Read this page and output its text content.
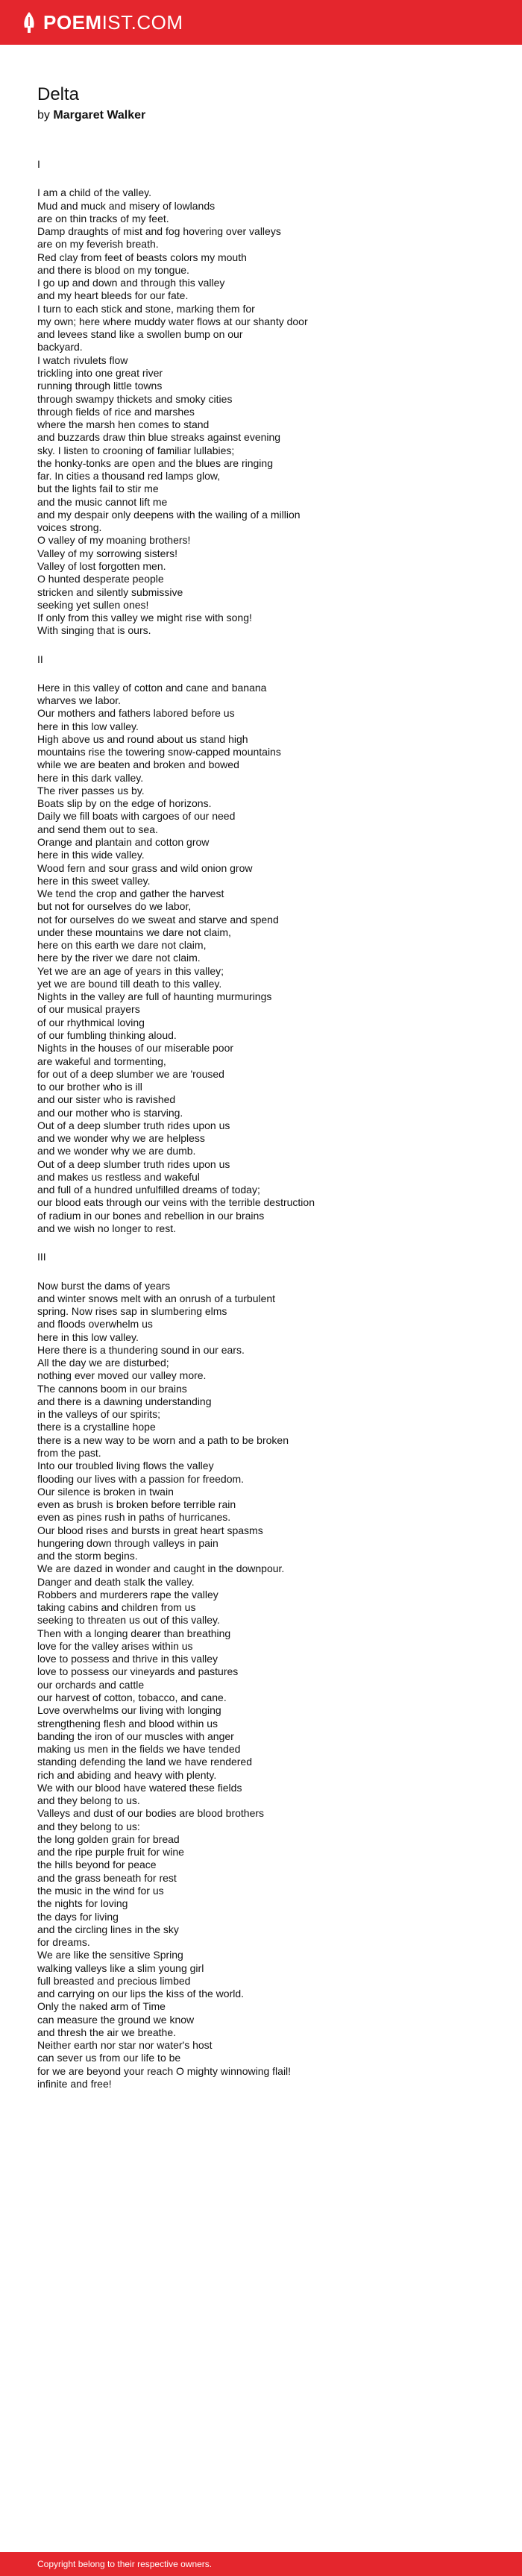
POEMIST.COM
Delta
by Margaret Walker
I
I am a child of the valley.
Mud and muck and misery of lowlands
are on thin tracks of my feet.
Damp draughts of mist and fog hovering over valleys
are on my feverish breath.
Red clay from feet of beasts colors my mouth
and there is blood on my tongue.
I go up and down and through this valley
and my heart bleeds for our fate.
I turn to each stick and stone, marking them for
my own; here where muddy water flows at our shanty door
and levees stand like a swollen bump on our
backyard.
I watch rivulets flow
trickling into one great river
running through little towns
through swampy thickets and smoky cities
through fields of rice and marshes
where the marsh hen comes to stand
and buzzards draw thin blue streaks against evening
sky. I listen to crooning of familiar lullabies;
the honky-tonks are open and the blues are ringing
far. In cities a thousand red lamps glow,
but the lights fail to stir me
and the music cannot lift me
and my despair only deepens with the wailing of a million
voices strong.
O valley of my moaning brothers!
Valley of my sorrowing sisters!
Valley of lost forgotten men.
O hunted desperate people
stricken and silently submissive
seeking yet sullen ones!
If only from this valley we might rise with song!
With singing that is ours.
II
Here in this valley of cotton and cane and banana
wharves we labor.
Our mothers and fathers labored before us
here in this low valley.
High above us and round about us stand high
mountains rise the towering snow-capped mountains
while we are beaten and broken and bowed
here in this dark valley.
The river passes us by.
Boats slip by on the edge of horizons.
Daily we fill boats with cargoes of our need
and send them out to sea.
Orange and plantain and cotton grow
here in this wide valley.
Wood fern and sour grass and wild onion grow
here in this sweet valley.
We tend the crop and gather the harvest
but not for ourselves do we labor,
not for ourselves do we sweat and starve and spend
under these mountains we dare not claim,
here on this earth we dare not claim,
here by the river we dare not claim.
Yet we are an age of years in this valley;
yet we are bound till death to this valley.
Nights in the valley are full of haunting murmurings
of our musical prayers
of our rhythmical loving
of our fumbling thinking aloud.
Nights in the houses of our miserable poor
are wakeful and tormenting,
for out of a deep slumber we are 'roused
to our brother who is ill
and our sister who is ravished
and our mother who is starving.
Out of a deep slumber truth rides upon us
and we wonder why we are helpless
and we wonder why we are dumb.
Out of a deep slumber truth rides upon us
and makes us restless and wakeful
and full of a hundred unfulfilled dreams of today;
our blood eats through our veins with the terrible destruction
of radium in our bones and rebellion in our brains
and we wish no longer to rest.
III
Now burst the dams of years
and winter snows melt with an onrush of a turbulent
spring. Now rises sap in slumbering elms
and floods overwhelm us
here in this low valley.
Here there is a thundering sound in our ears.
All the day we are disturbed;
nothing ever moved our valley more.
The cannons boom in our brains
and there is a dawning understanding
in the valleys of our spirits;
there is a crystalline hope
there is a new way to be worn and a path to be broken
from the past.
Into our troubled living flows the valley
flooding our lives with a passion for freedom.
Our silence is broken in twain
even as brush is broken before terrible rain
even as pines rush in paths of hurricanes.
Our blood rises and bursts in great heart spasms
hungering down through valleys in pain
and the storm begins.
We are dazed in wonder and caught in the downpour.
Danger and death stalk the valley.
Robbers and murderers rape the valley
taking cabins and children from us
seeking to threaten us out of this valley.
Then with a longing dearer than breathing
love for the valley arises within us
love to possess and thrive in this valley
love to possess our vineyards and pastures
our orchards and cattle
our harvest of cotton, tobacco, and cane.
Love overwhelms our living with longing
strengthening flesh and blood within us
banding the iron of our muscles with anger
making us men in the fields we have tended
standing defending the land we have rendered
rich and abiding and heavy with plenty.
We with our blood have watered these fields
and they belong to us.
Valleys and dust of our bodies are blood brothers
and they belong to us:
the long golden grain for bread
and the ripe purple fruit for wine
the hills beyond for peace
and the grass beneath for rest
the music in the wind for us
the nights for loving
the days for living
and the circling lines in the sky
for dreams.
We are like the sensitive Spring
walking valleys like a slim young girl
full breasted and precious limbed
and carrying on our lips the kiss of the world.
Only the naked arm of Time
can measure the ground we know
and thresh the air we breathe.
Neither earth nor star nor water's host
can sever us from our life to be
for we are beyond your reach O mighty winnowing flail!
infinite and free!
Copyright belong to their respective owners.
